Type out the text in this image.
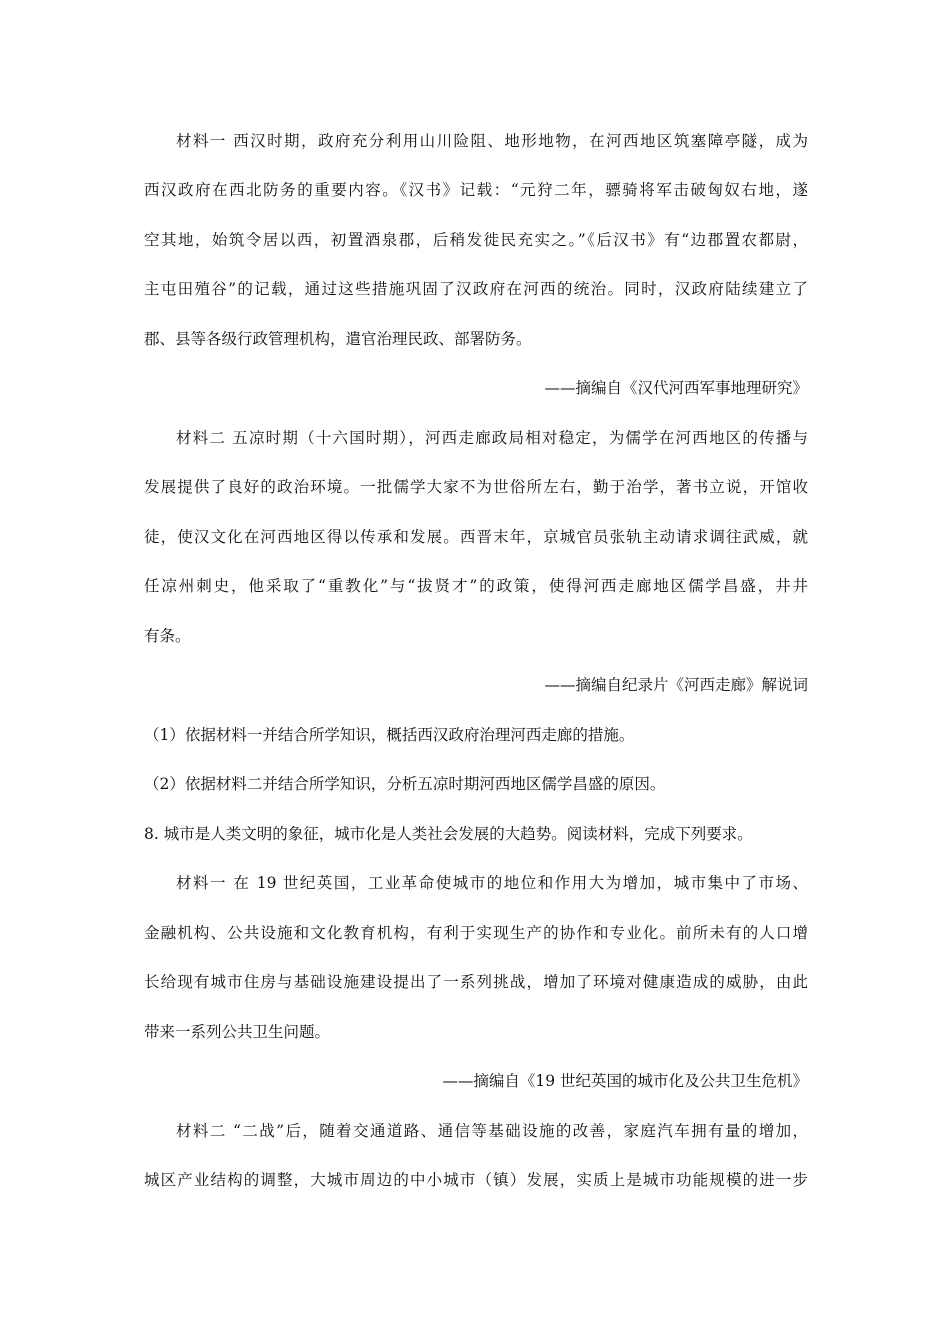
材料一 西汉时期，政府充分利用山川险阻、地形地物，在河西地区筑塞障亭隧，成为
西汉政府在西北防务的重要内容。《汉书》记载：“元狩二年，骠骑将军击破匈奴右地，遂
空其地，始筑令居以西，初置酒泉郡，后稍发徙民充实之。”《后汉书》有“边郡置农都尉，
主屯田殖谷”的记载，通过这些措施巩固了汉政府在河西的统治。同时，汉政府陆续建立了
郡、县等各级行政管理机构，遣官治理民政、部署防务。
——摘编自《汉代河西军事地理研究》
材料二 五凉时期（十六国时期），河西走廊政局相对稳定，为儒学在河西地区的传播与
发展提供了良好的政治环境。一批儒学大家不为世俗所左右，勤于治学，著书立说，开馆收
徒，使汉文化在河西地区得以传承和发展。西晋末年，京城官员张轨主动请求调往武威，就
任凉州刺史，他采取了“重教化”与“拔贤才”的政策，使得河西走廊地区儒学昌盛，井井
有条。
——摘编自纪录片《河西走廊》解说词
（1）依据材料一并结合所学知识，概括西汉政府治理河西走廊的措施。
（2）依据材料二并结合所学知识，分析五凉时期河西地区儒学昌盛的原因。
8. 城市是人类文明的象征，城市化是人类社会发展的大趋势。阅读材料，完成下列要求。
材料一 在 19 世纪英国，工业革命使城市的地位和作用大为增加，城市集中了市场、
金融机构、公共设施和文化教育机构，有利于实现生产的协作和专业化。前所未有的人口增
长给现有城市住房与基础设施建设提出了一系列挑战，增加了环境对健康造成的威胁，由此
带来一系列公共卫生问题。
——摘编自《19 世纪英国的城市化及公共卫生危机》
材料二 “二战”后，随着交通道路、通信等基础设施的改善，家庭汽车拥有量的增加，
城区产业结构的调整，大城市周边的中小城市（镇）发展，实质上是城市功能规模的进一步
